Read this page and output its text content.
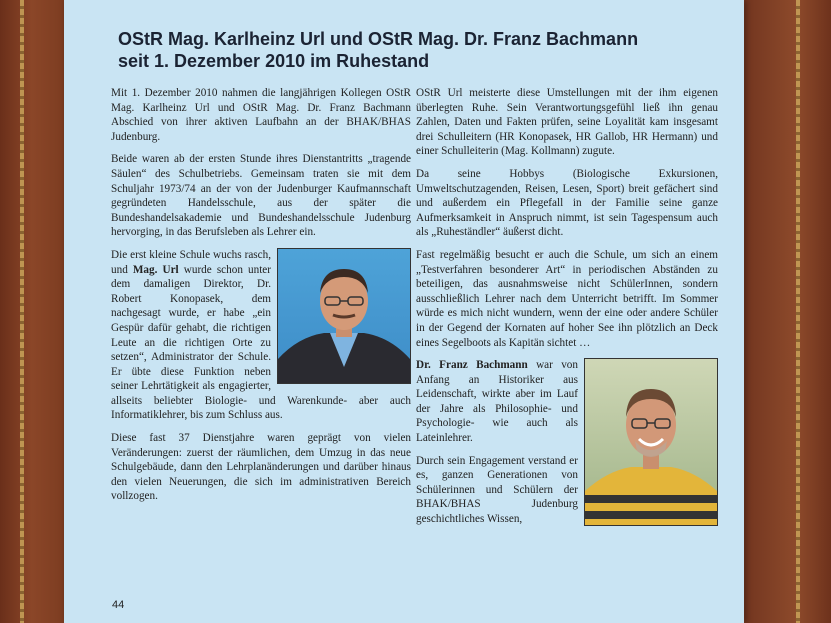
OStR Mag. Karlheinz Url und OStR Mag. Dr. Franz Bachmann
seit 1. Dezember 2010 im Ruhestand

Mit 1. Dezember 2010 nahmen die langjährigen Kollegen OStR Mag. Karlheinz Url und OStR Mag. Dr. Franz Bachmann Abschied von ihrer aktiven Laufbahn an der BHAK/BHAS Judenburg.

Beide waren ab der ersten Stunde ihres Dienstantritts „tragende Säulen“ des Schulbetriebs. Gemeinsam traten sie mit dem Schuljahr 1973/74 an der von der Judenburger Kaufmannschaft gegründeten Handelsschule, aus der später die Bundeshandelsakademie und Bundeshandelsschule Judenburg hervorging, in das Berufsleben als Lehrer ein.

Die erst kleine Schule wuchs rasch, und Mag. Url wurde schon unter dem damaligen Direktor, Dr. Robert Konopasek, dem nachgesagt wurde, er habe „ein Gespür dafür gehabt, die richtigen Leute an die richtigen Orte zu setzen“, Administrator der Schule. Er übte diese Funktion neben seiner Lehrtätigkeit als engagierter, allseits beliebter Biologie- und Warenkunde- aber auch Informatiklehrer, bis zum Schluss aus.

Diese fast 37 Dienstjahre waren geprägt von vielen Veränderungen: zuerst der räumlichen, dem Umzug in das neue Schulgebäude, dann den Lehrplanänderungen und darüber hinaus den vielen Neuerungen, die sich im administrativen Bereich vollzogen.

OStR Url meisterte diese Umstellungen mit der ihm eigenen überlegten Ruhe. Sein Verantwortungsgefühl ließ ihn genau Zahlen, Daten und Fakten prüfen, seine Loyalität kam insgesamt drei Schulleitern (HR Konopasek, HR Gallob, HR Hermann) und einer Schulleiterin (Mag. Kollmann) zugute.

Da seine Hobbys (Biologische Exkursionen, Umweltschutzagenden, Reisen, Lesen, Sport) breit gefächert sind und außerdem ein Pflegefall in der Familie seine ganze Aufmerksamkeit in Anspruch nimmt, ist sein Tagespensum auch als „Ruheständler“ äußerst dicht.

Fast regelmäßig besucht er auch die Schule, um sich an einem „Testverfahren besonderer Art“ in periodischen Abständen zu beteiligen, das ausnahmsweise nicht SchülerInnen, sondern ausschließlich Lehrer nach dem Unterricht betrifft. Im Sommer würde es mich nicht wundern, wenn der eine oder andere Schüler in der Gegend der Kornaten auf hoher See ihn plötzlich an Deck eines Segelboots als Kapitän sichtet …

Dr. Franz Bachmann war von Anfang an Historiker aus Leidenschaft, wirkte aber im Lauf der Jahre als Philosophie- und Psychologie- wie auch als Lateinlehrer.

Durch sein Engagement verstand er es, ganzen Generationen von Schülerinnen und Schülern der BHAK/BHAS Judenburg geschichtliches Wissen,

44
